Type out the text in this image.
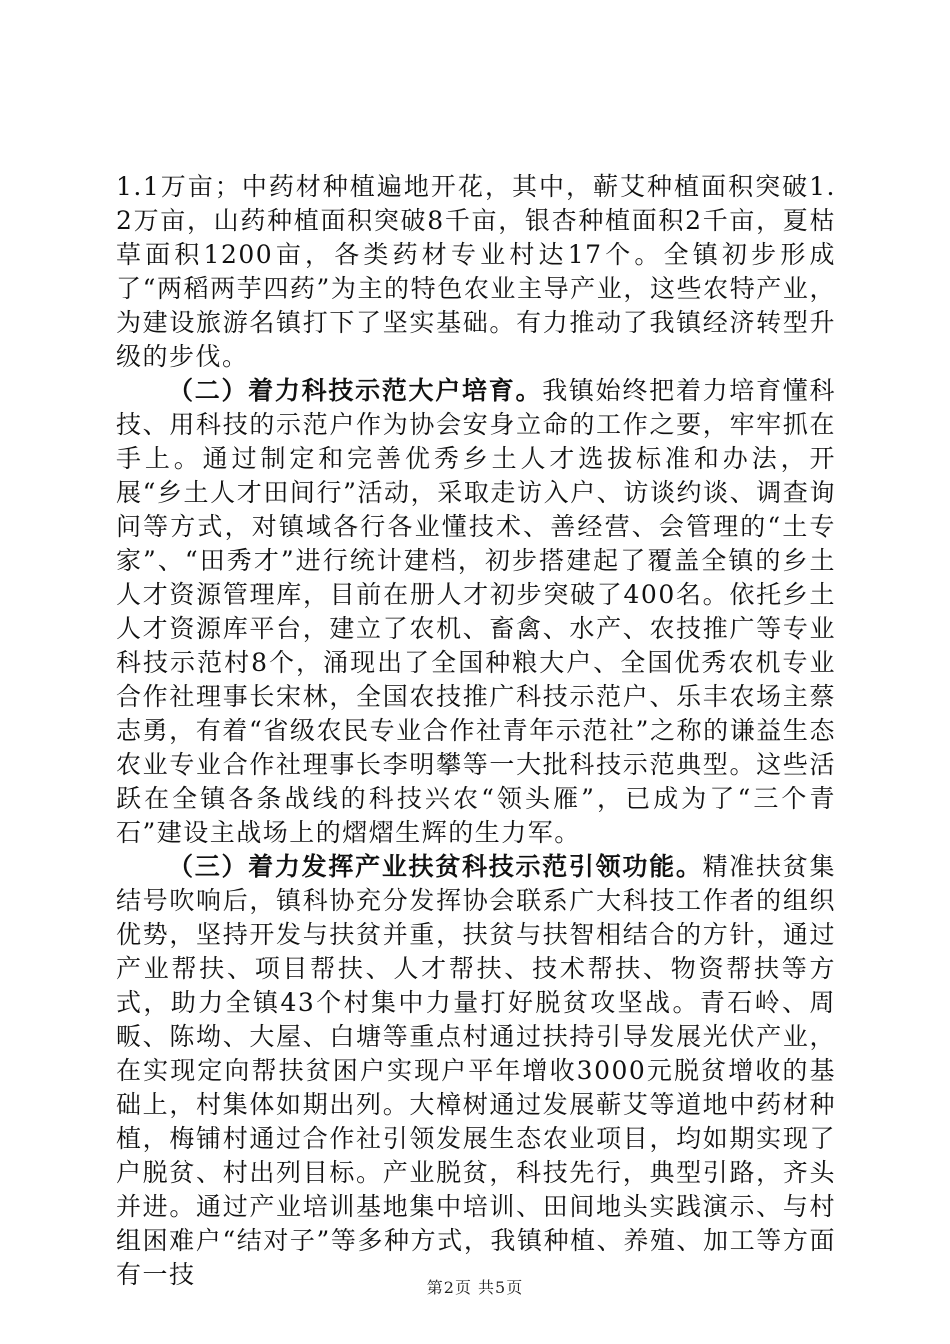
1.1万亩；中药材种植遍地开花，其中，蕲艾种植面积突破1.2万亩，山药种植面积突破8千亩，银杏种植面积2千亩，夏枯草面积1200亩，各类药材专业村达17个。全镇初步形成了“两稻两芋四药”为主的特色农业主导产业，这些农特产业，为建设旅游名镇打下了坚实基础。有力推动了我镇经济转型升级的步伐。

（二）着力科技示范大户培育。我镇始终把着力培育懂科技、用科技的示范户作为协会安身立命的工作之要，牢牢抓在手上。通过制定和完善优秀乡土人才选拔标准和办法，开展“乡土人才田间行”活动，采取走访入户、访谈约谈、调查询问等方式，对镇域各行各业懂技术、善经营、会管理的“土专家”、“田秀才”进行统计建档，初步搭建起了覆盖全镇的乡土人才资源管理库，目前在册人才初步突破了400名。依托乡土人才资源库平台，建立了农机、畜禽、水产、农技推广等专业科技示范村8个，涌现出了全国种粮大户、全国优秀农机专业合作社理事长宋林，全国农技推广科技示范户、乐丰农场主蔡志勇，有着“省级农民专业合作社青年示范社”之称的谦益生态农业专业合作社理事长李明攀等一大批科技示范典型。这些活跃在全镇各条战线的科技兴农“领头雁”，已成为了“三个青石”建设主战场上的熠熠生辉的生力军。

（三）着力发挥产业扶贫科技示范引领功能。精准扶贫集结号吹响后，镇科协充分发挥协会联系广大科技工作者的组织优势，坚持开发与扶贫并重，扶贫与扶智相结合的方针，通过产业帮扶、项目帮扶、人才帮扶、技术帮扶、物资帮扶等方式，助力全镇43个村集中力量打好脱贫攻坚战。青石岭、周畈、陈坳、大屋、白塘等重点村通过扶持引导发展光伏产业，在实现定向帮扶贫困户实现户平年增收3000元脱贫增收的基础上，村集体如期出列。大樟树通过发展蕲艾等道地中药材种植，梅铺村通过合作社引领发展生态农业项目，均如期实现了户脱贫、村出列目标。产业脱贫，科技先行，典型引路，齐头并进。通过产业培训基地集中培训、田间地头实践演示、与村组困难户“结对子”等多种方式，我镇种植、养殖、加工等方面有一技	第2页 共5页
